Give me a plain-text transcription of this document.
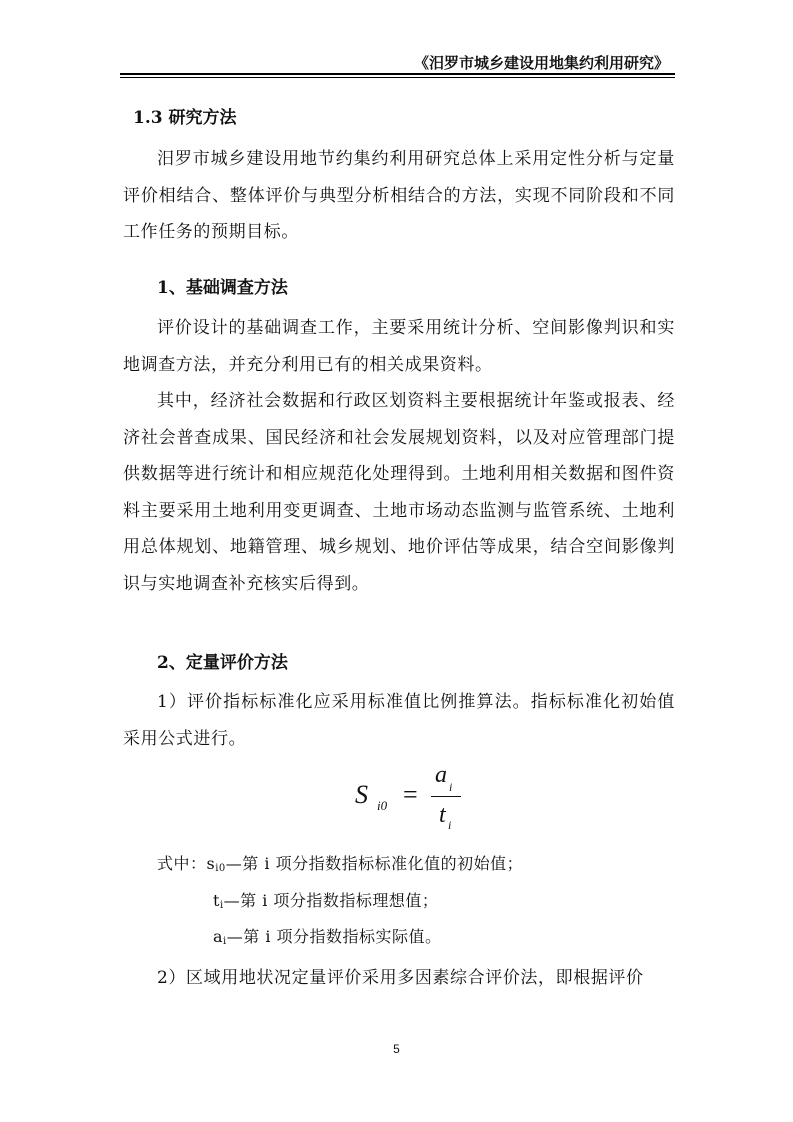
《汨罗市城乡建设用地集约利用研究》
1.3 研究方法

汨罗市城乡建设用地节约集约利用研究总体上采用定性分析与定量评价相结合、整体评价与典型分析相结合的方法，实现不同阶段和不同工作任务的预期目标。

1、基础调查方法

评价设计的基础调查工作，主要采用统计分析、空间影像判识和实地调查方法，并充分利用已有的相关成果资料。

其中，经济社会数据和行政区划资料主要根据统计年鉴或报表、经济社会普查成果、国民经济和社会发展规划资料，以及对应管理部门提供数据等进行统计和相应规范化处理得到。土地利用相关数据和图件资料主要采用土地利用变更调查、土地市场动态监测与监管系统、土地利用总体规划、地籍管理、城乡规划、地价评估等成果，结合空间影像判识与实地调查补充核实后得到。

2、定量评价方法

1）评价指标标准化应采用标准值比例推算法。指标标准化初始值采用公式进行。

S i0 =
a i
t i
式中：$s_{i0}—$第 i 项分指数指标标准化值的初始值；
$t_i—$第 i 项分指数指标理想值；
$a_i—$第 i 项分指数指标实际值。

2）区域用地状况定量评价采用多因素综合评价法，即根据评价

5
